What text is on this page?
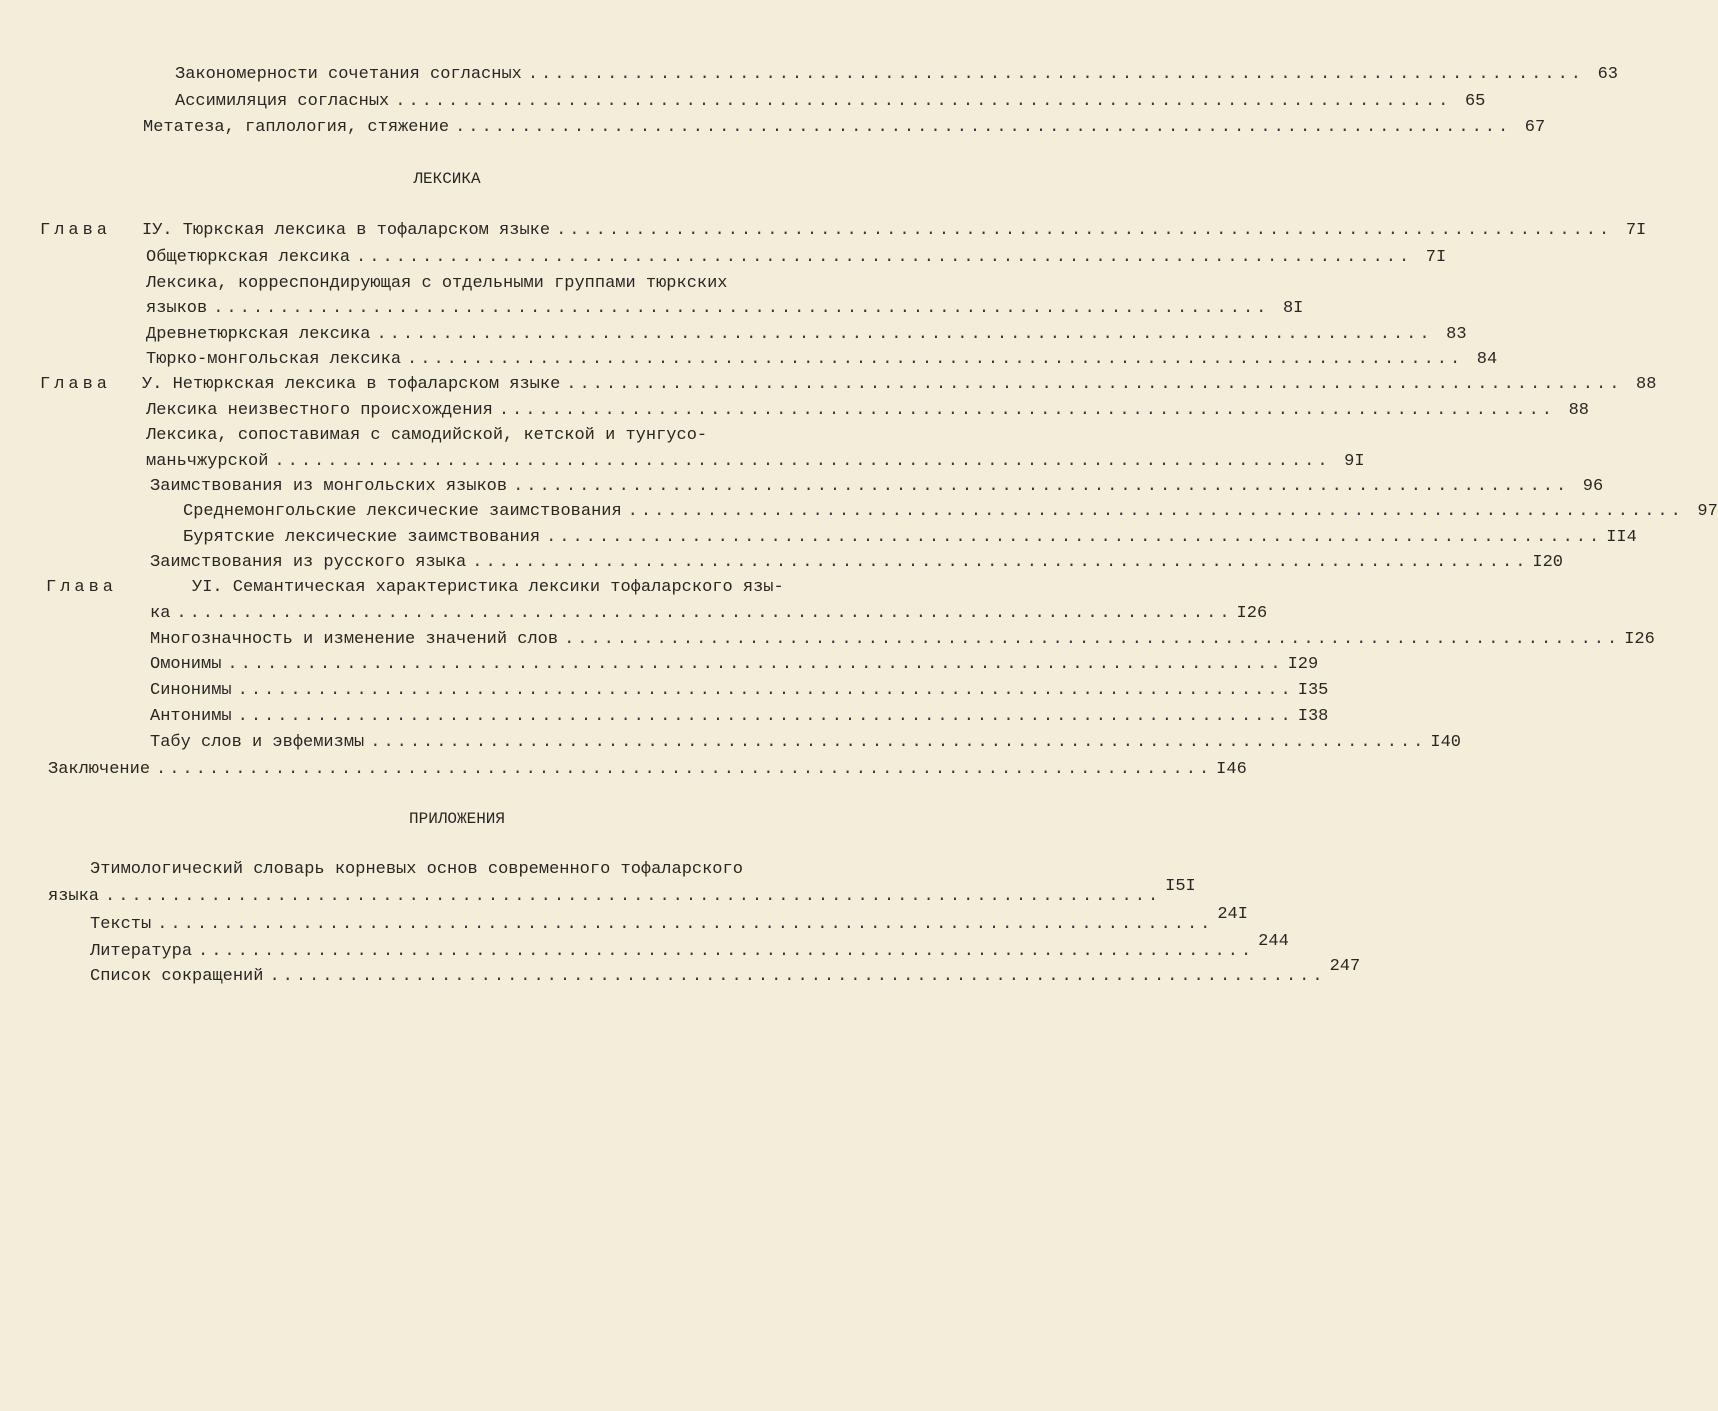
ЛЕКСИКА
ПРИЛОЖЕНИЯ
Закономерности сочетания согласных ................................................................................ 63
Ассимиляция согласных ................................................................................ 65
Метатеза, гаплология, стяжение ................................................................................ 67
Глава IУ. Тюркская лексика в тофаларском языке ................................................................................ 7I
Общетюркская лексика ................................................................................ 7I
Лексика, корреспондирующая с отдельными группами тюркских
языков ................................................................................ 8I
Древнетюркская лексика ................................................................................ 83
Тюрко-монгольская лексика ................................................................................ 84
Глава У. Нетюркская лексика в тофаларском языке ................................................................................ 88
Лексика неизвестного происхождения ................................................................................ 88
Лексика, сопоставимая с самодийской, кетской и тунгусо-
маньчжурской ................................................................................ 9I
Заимствования из монгольских языков ................................................................................ 96
Среднемонгольские лексические заимствования ................................................................................ 97
Бурятские лексические заимствования ................................................................................ II4
Заимствования из русского языка ................................................................................ I20
Глава	УI. Семантическая характеристика лексики тофаларского язы-
ка ................................................................................ I26
Многозначность и изменение значений слов ................................................................................ I26
Омонимы ................................................................................ I29
Синонимы ................................................................................ I35
Антонимы ................................................................................ I38
Табу слов и эвфемизмы ................................................................................ I40
Заключение ................................................................................ I46
Этимологический словарь корневых основ современного тофаларского
языка ................................................................................
I5I
Тексты ................................................................................
24I
Литература ................................................................................
244
Список сокращений ................................................................................
247
